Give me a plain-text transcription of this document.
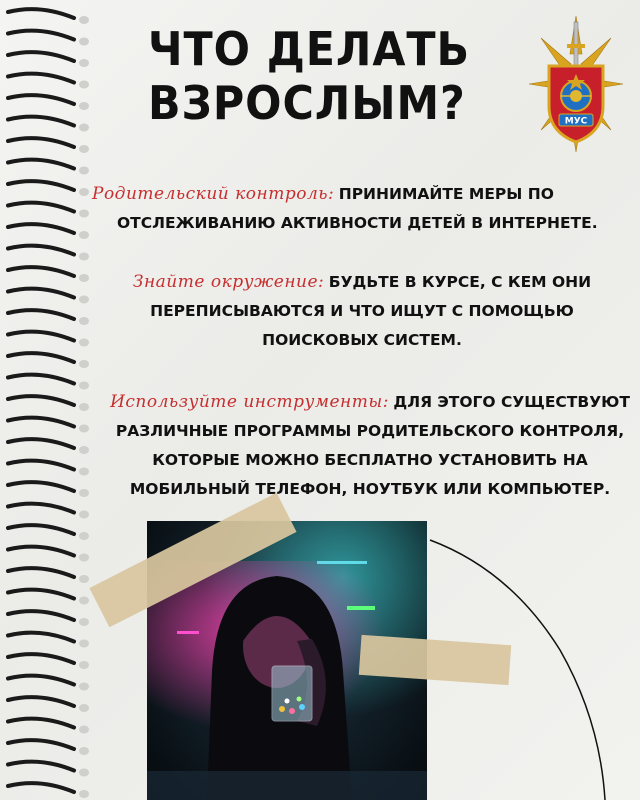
ЧТО ДЕЛАТЬ
ВЗРОСЛЫМ?	МУС
Родительский контроль: ПРИНИМАЙТЕ МЕРЫ ПО
ОТСЛЕЖИВАНИЮ АКТИВНОСТИ ДЕТЕЙ В ИНТЕРНЕТЕ.
Знайте окружение: БУДЬТЕ В КУРСЕ, С КЕМ ОНИ
ПЕРЕПИСЫВАЮТСЯ И ЧТО ИЩУТ С ПОМОЩЬЮ
ПОИСКОВЫХ СИСТЕМ.
Используйте инструменты: ДЛЯ ЭТОГО СУЩЕСТВУЮТ
РАЗЛИЧНЫЕ ПРОГРАММЫ РОДИТЕЛЬСКОГО КОНТРОЛЯ,
КОТОРЫЕ МОЖНО БЕСПЛАТНО УСТАНОВИТЬ НА
МОБИЛЬНЫЙ ТЕЛЕФОН, НОУТБУК ИЛИ КОМПЬЮТЕР.
